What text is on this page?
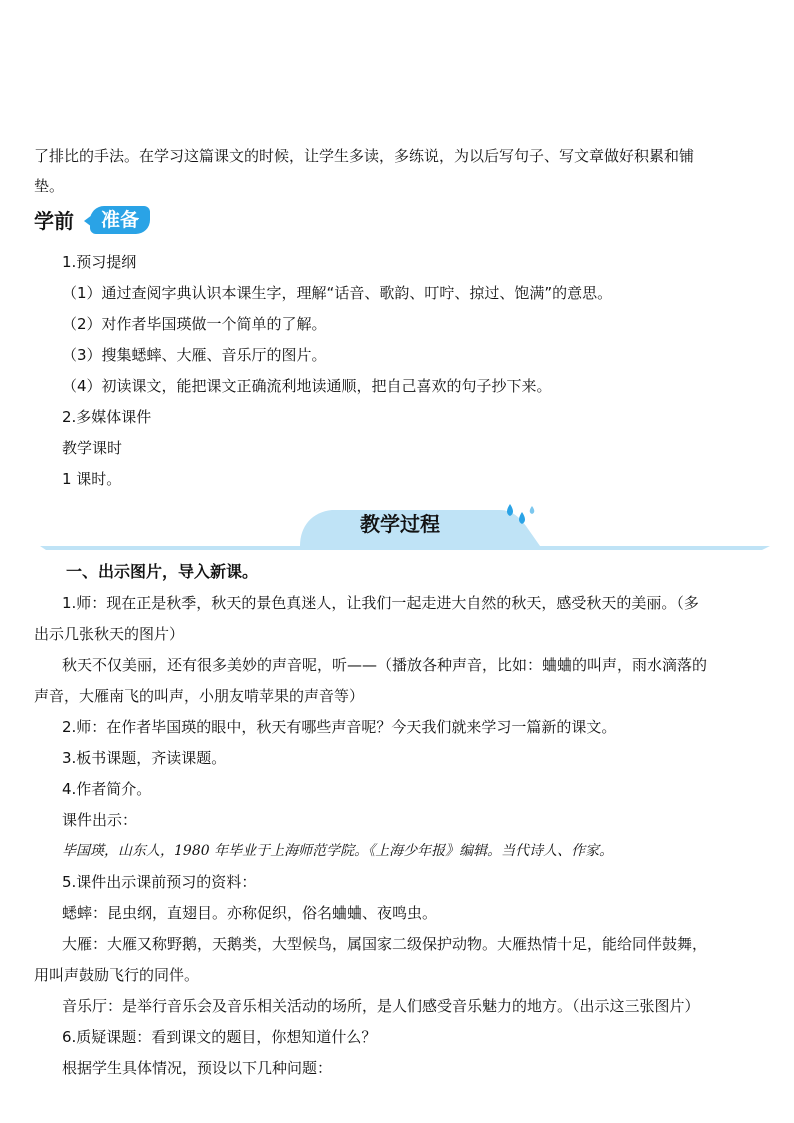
了排比的手法。在学习这篇课文的时候，让学生多读，多练说，为以后写句子、写文章做好积累和铺
垫。
学前	准备
1.预习提纲
（1）通过查阅字典认识本课生字，理解“话音、歌韵、叮咛、掠过、饱满”的意思。
（2）对作者毕国瑛做一个简单的了解。
（3）搜集蟋蟀、大雁、音乐厅的图片。
（4）初读课文，能把课文正确流利地读通顺，把自己喜欢的句子抄下来。
2.多媒体课件
教学课时
1 课时。
教学过程
一、出示图片，导入新课。
1.师：现在正是秋季，秋天的景色真迷人，让我们一起走进大自然的秋天，感受秋天的美丽。（多
出示几张秋天的图片）
秋天不仅美丽，还有很多美妙的声音呢，听——（播放各种声音，比如：蛐蛐的叫声，雨水滴落的
声音，大雁南飞的叫声，小朋友啃苹果的声音等）
2.师：在作者毕国瑛的眼中，秋天有哪些声音呢？今天我们就来学习一篇新的课文。
3.板书课题，齐读课题。
4.作者简介。
课件出示：
毕国瑛，山东人，1980 年毕业于上海师范学院。《上海少年报》编辑。当代诗人、作家。
5.课件出示课前预习的资料：
蟋蟀：昆虫纲，直翅目。亦称促织，俗名蛐蛐、夜鸣虫。
大雁：大雁又称野鹅，天鹅类，大型候鸟，属国家二级保护动物。大雁热情十足，能给同伴鼓舞，
用叫声鼓励飞行的同伴。
音乐厅：是举行音乐会及音乐相关活动的场所，是人们感受音乐魅力的地方。（出示这三张图片）
6.质疑课题：看到课文的题目，你想知道什么？
根据学生具体情况，预设以下几种问题：
